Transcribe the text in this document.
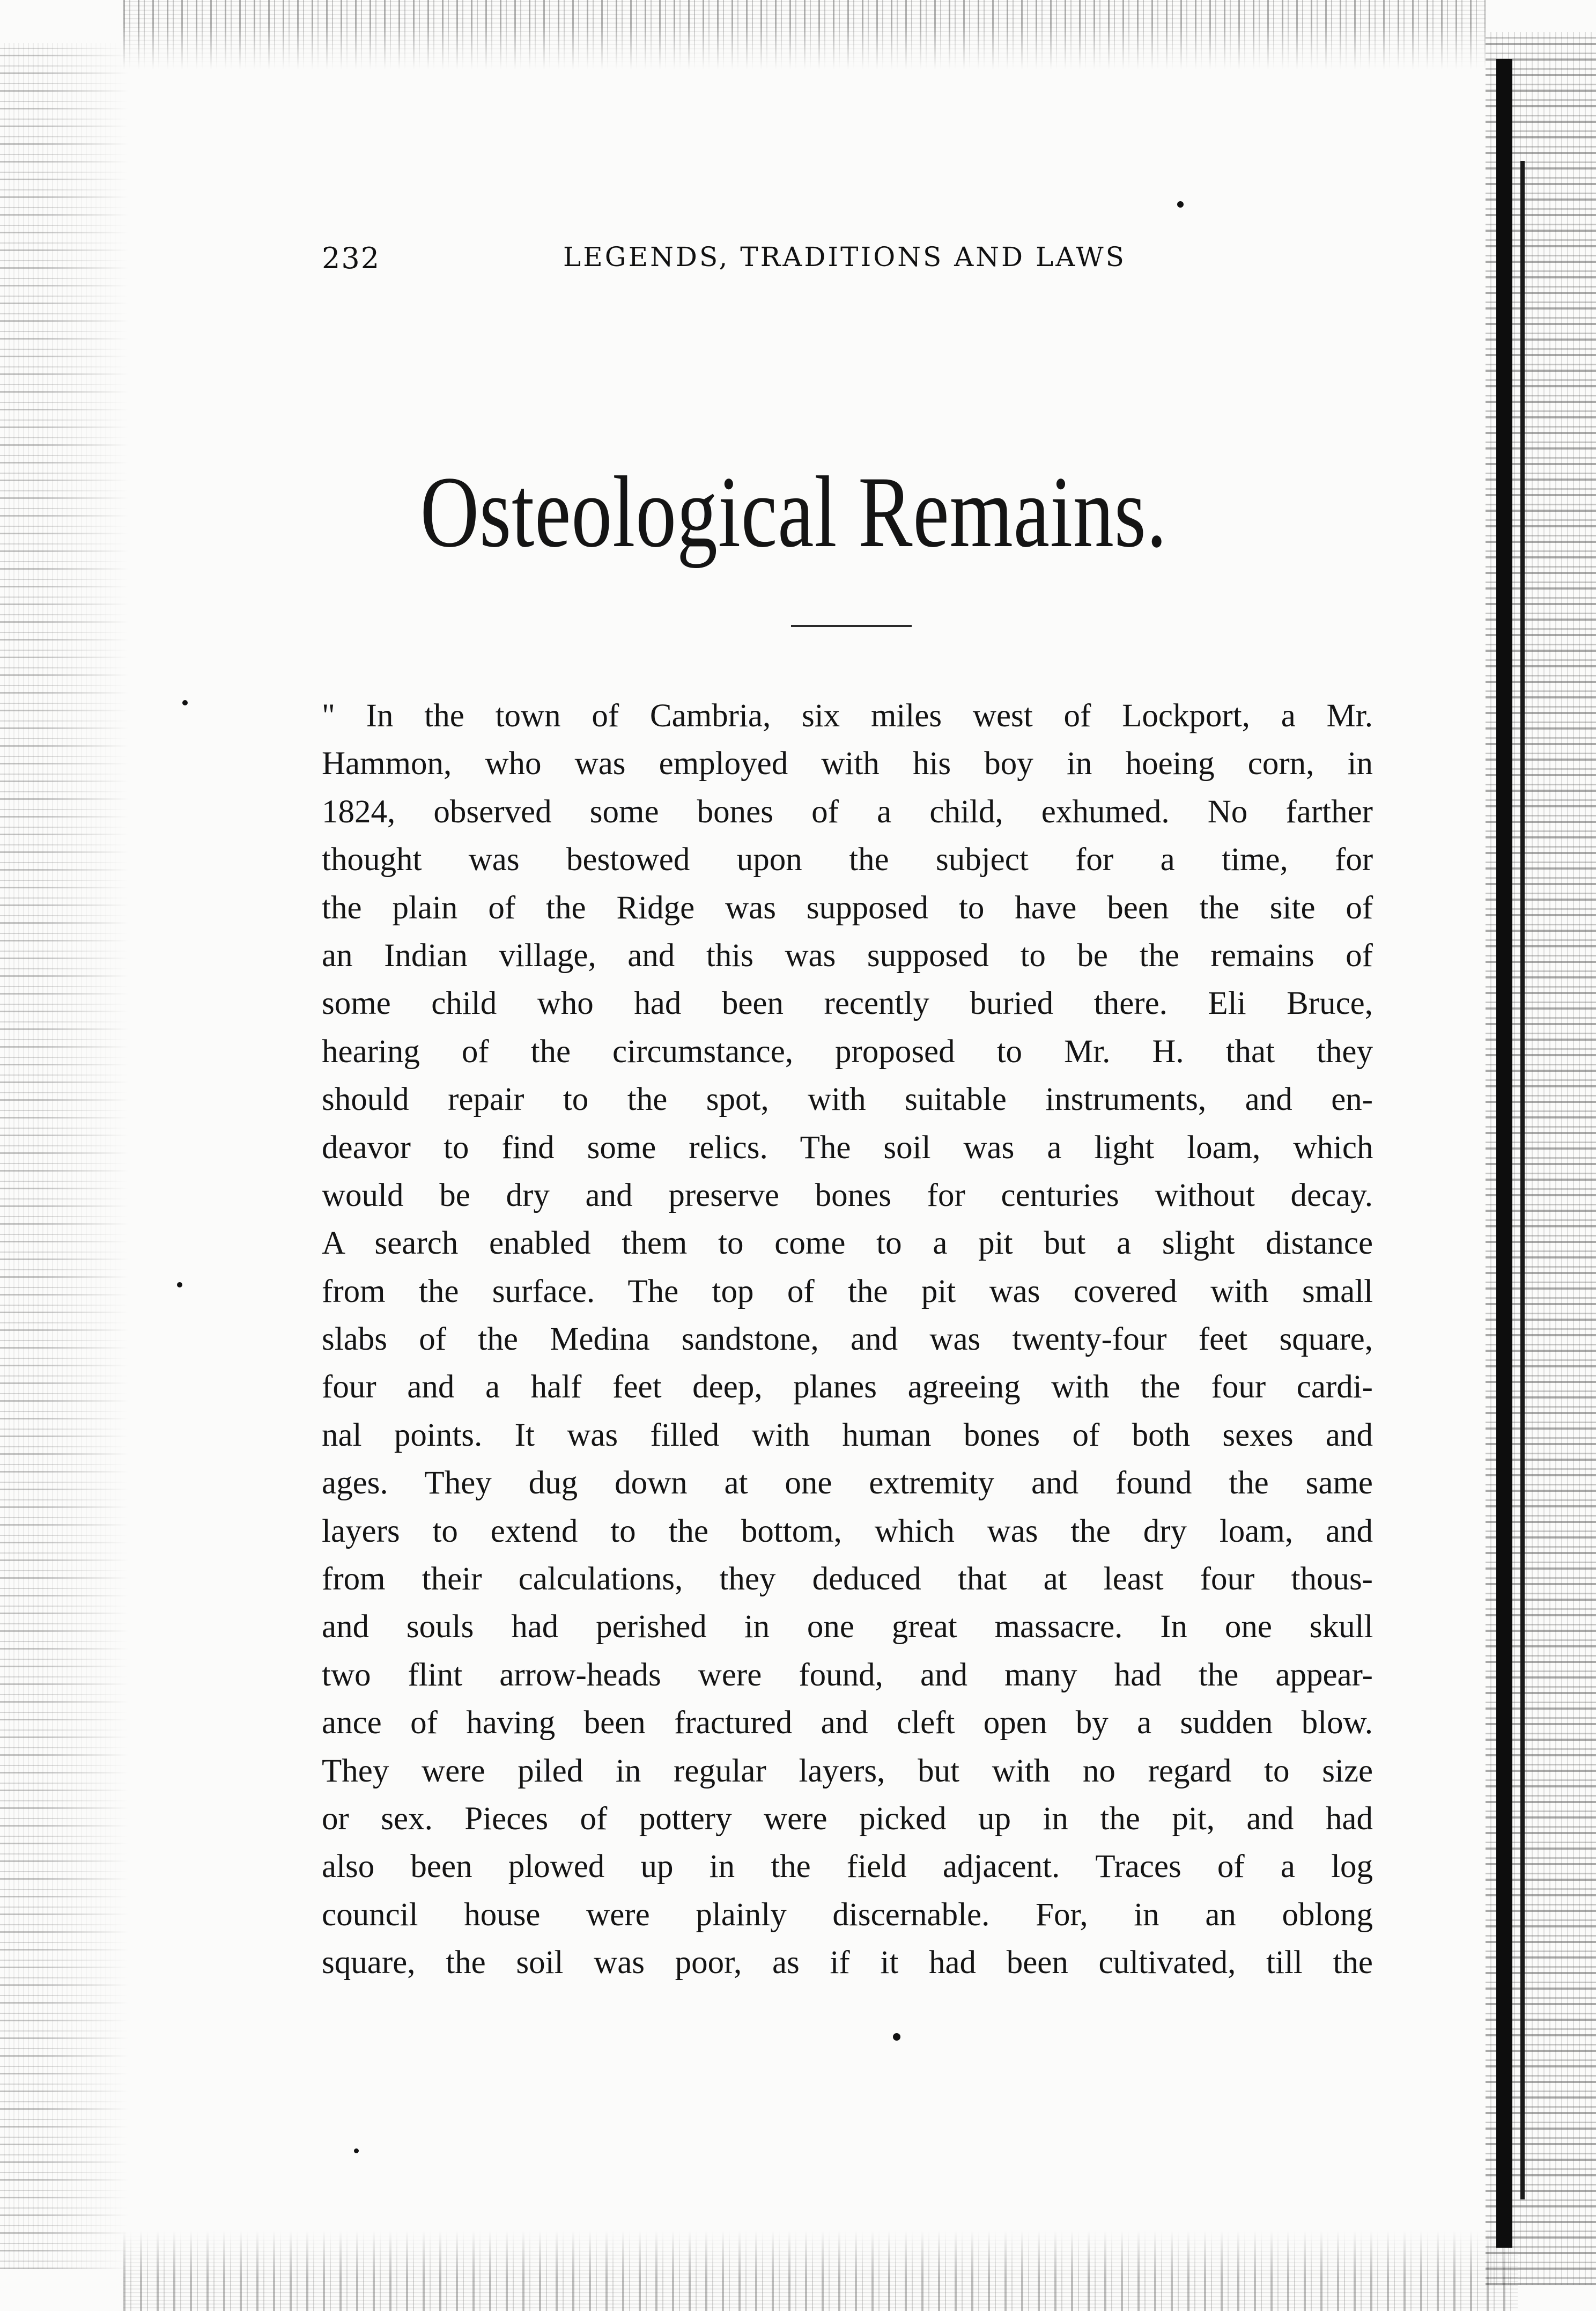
232	LEGENDS, TRADITIONS AND LAWS
Osteological Remains.
" In the town of Cambria, six miles west of Lockport, a Mr.
Hammon, who was employed with his boy in hoeing corn, in
1824, observed some bones of a child, exhumed. No farther
thought was bestowed upon the subject for a time, for
the plain of the Ridge was supposed to have been the site of
an Indian village, and this was supposed to be the remains of
some child who had been recently buried there. Eli Bruce,
hearing of the circumstance, proposed to Mr. H. that they
should repair to the spot, with suitable instruments, and en-
deavor to find some relics. The soil was a light loam, which
would be dry and preserve bones for centuries without decay.
A search enabled them to come to a pit but a slight distance
from the surface. The top of the pit was covered with small
slabs of the Medina sandstone, and was twenty-four feet square,
four and a half feet deep, planes agreeing with the four cardi-
nal points. It was filled with human bones of both sexes and
ages. They dug down at one extremity and found the same
layers to extend to the bottom, which was the dry loam, and
from their calculations, they deduced that at least four thous-
and souls had perished in one great massacre. In one skull
two flint arrow-heads were found, and many had the appear-
ance of having been fractured and cleft open by a sudden blow.
They were piled in regular layers, but with no regard to size
or sex. Pieces of pottery were picked up in the pit, and had
also been plowed up in the field adjacent. Traces of a log
council house were plainly discernable. For, in an oblong
square, the soil was poor, as if it had been cultivated, till the
